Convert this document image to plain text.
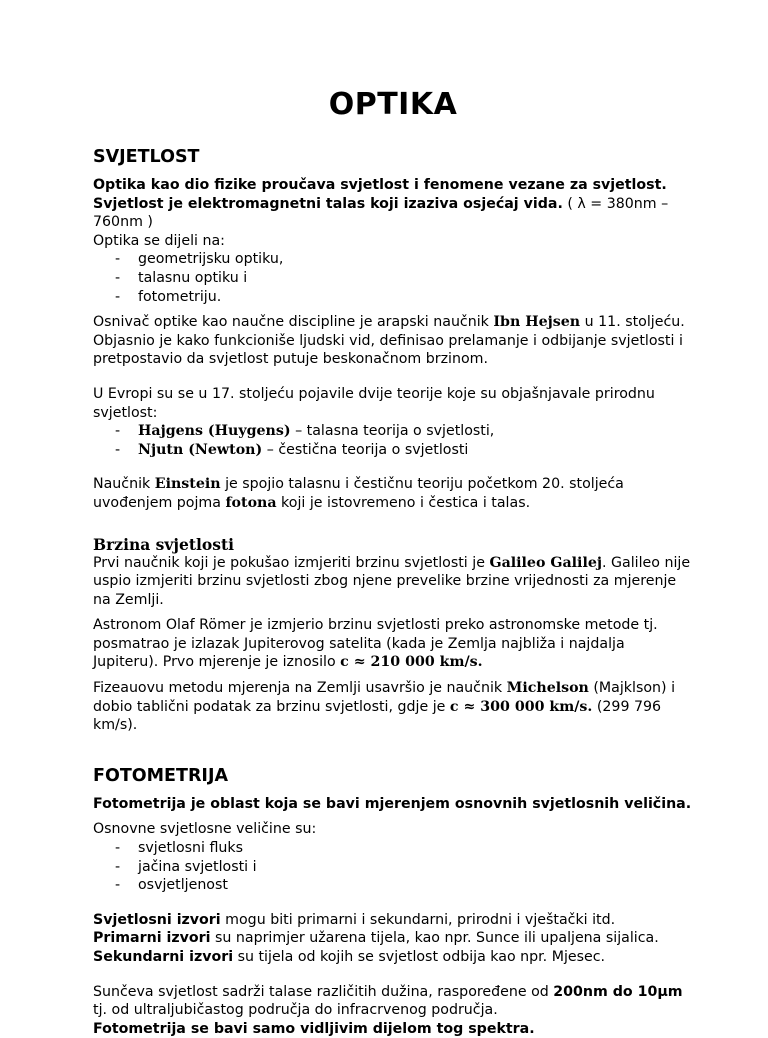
OPTIKA
SVJETLOST

Optika kao dio fizike proučava svjetlost i fenomene vezane za svjetlost.

Svjetlost je elektromagnetni talas koji izaziva osjećaj vida. ( λ = 380nm – 760nm )

Optika se dijeli na:

- geometrijsku optiku,
- talasnu optiku i
- fotometriju.

Osnivač optike kao naučne discipline je arapski naučnik Ibn Hejsen u 11. stoljeću.
Objasnio je kako funkcioniše ljudski vid, definisao prelamanje i odbijanje svjetlosti i pretpostavio da svjetlost putuje beskonačnom brzinom.

U Evropi su se u 17. stoljeću pojavile dvije teorije koje su objašnjavale prirodnu svjetlost:

- Hajgens (Huygens) – talasna teorija o svjetlosti,
- Njutn (Newton) – čestična teorija o svjetlosti

Naučnik Einstein je spojio talasnu i čestičnu teoriju početkom 20. stoljeća uvođenjem pojma fotona koji je istovremeno i čestica i talas.

Brzina svjetlosti

Prvi naučnik koji je pokušao izmjeriti brzinu svjetlosti je Galileo Galilej. Galileo nije uspio izmjeriti brzinu svjetlosti zbog njene prevelike brzine vrijednosti za mjerenje na Zemlji.

Astronom Olaf Römer je izmjerio brzinu svjetlosti preko astronomske metode tj. posmatrao je izlazak Jupiterovog satelita (kada je Zemlja najbliža i najdalja Jupiteru). Prvo mjerenje je iznosilo c ≈ 210 000 km/s.

Fizeauovu metodu mjerenja na Zemlji usavršio je naučnik Michelson (Majklson) i dobio tablični podatak za brzinu svjetlosti, gdje je c ≈ 300 000 km/s. (299 796 km/s).

FOTOMETRIJA

Fotometrija je oblast koja se bavi mjerenjem osnovnih svjetlosnih veličina.

Osnovne svjetlosne veličine su:

- svjetlosni fluks
- jačina svjetlosti i
- osvjetljenost

Svjetlosni izvori mogu biti primarni i sekundarni, prirodni i vještački itd.
Primarni izvori su naprimjer užarena tijela, kao npr. Sunce ili upaljena sijalica.
Sekundarni izvori su tijela od kojih se svjetlost odbija kao npr. Mjesec.

Sunčeva svjetlost sadrži talase različitih dužina, raspoređene od 200nm do 10μm tj. od ultraljubičastog područja do infracrvenog područja.
Fotometrija se bavi samo vidljivim dijelom tog spektra.
